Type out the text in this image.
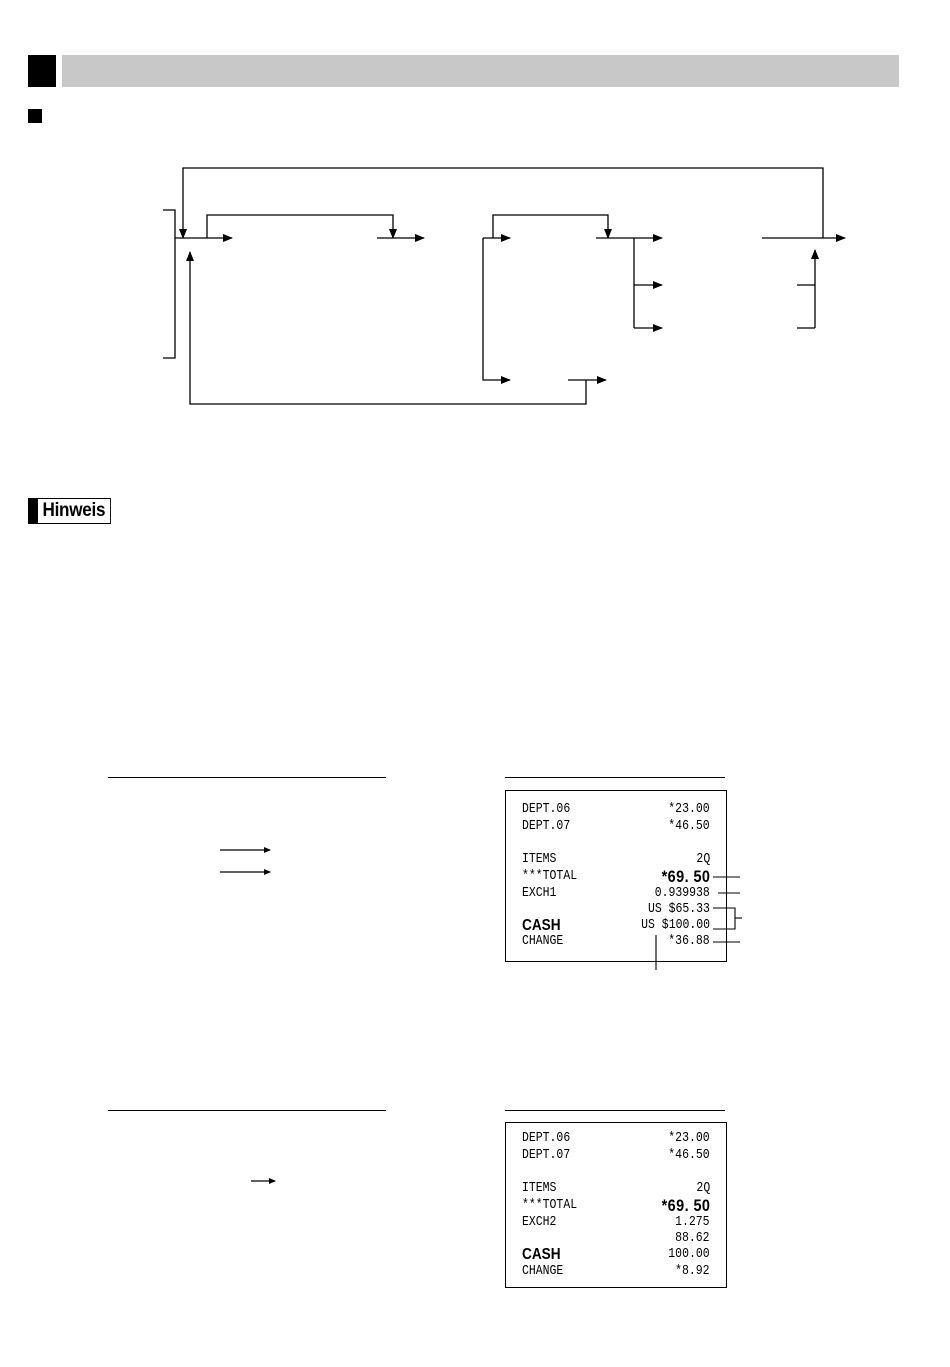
Hinweis
DEPT.06	*23.00
DEPT.07	*46.50
ITEMS	2Q
***TOTAL	*69. 50
EXCH1	0.939938
US $65.33
CASH	US $100.00
CHANGE	*36.88
DEPT.06	*23.00
DEPT.07	*46.50
ITEMS	2Q
***TOTAL	*69. 50
EXCH2	1.275
88.62
CASH	100.00
CHANGE	*8.92
